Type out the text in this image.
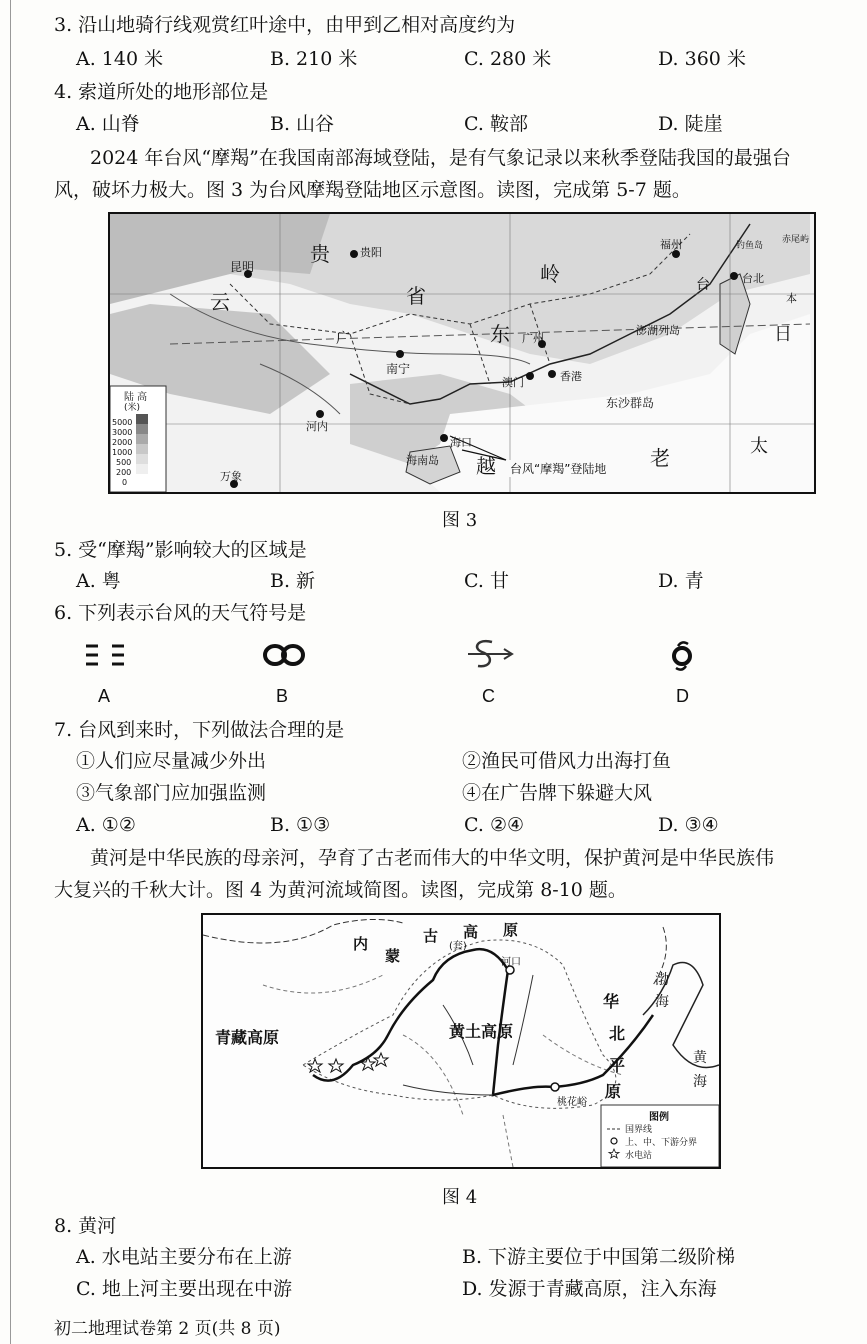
3. 沿山地骑行线观赏红叶途中，由甲到乙相对高度约为
A. 140 米	B. 210 米	C. 280 米	D. 360 米
4. 索道所处的地形部位是
A. 山脊	B. 山谷	C. 鞍部	D. 陡崖
2024 年台风“摩羯”在我国南部海域登陆，是有气象记录以来秋季登陆我国的最强台
风，破坏力极大。图 3 为台风摩羯登陆地区示意图。读图，完成第 5-7 题。
陆 高
(米)
5000
3000
2000
1000
500
200
0
昆明
贵阳
南宁
广州
香港
澳门
海口
海南岛
河内
万象
福州
台北
东沙群岛
澎湖列岛
钓鱼岛
赤尾屿
云
贵
省
广	东
岭	台
越	老	太
日
本
台风“摩羯”登陆地
图 3
5. 受“摩羯”影响较大的区域是
A. 粤	B. 新	C. 甘	D. 青
6. 下列表示台风的天气符号是
A	B	C	D
7. 台风到来时，下列做法合理的是
①人们应尽量减少外出	②渔民可借风力出海打鱼
③气象部门应加强监测	④在广告牌下躲避大风
A. ①②	B. ①③	C. ②④	D. ③④
黄河是中华民族的母亲河，孕育了古老而伟大的中华文明，保护黄河是中华民族伟
大复兴的千秋大计。图 4 为黄河流域简图。读图，完成第 8-10 题。
内
蒙
古 高 原
(套)
河口
青藏高原	黄土高原
华
北
平
原
渤
海
黄
海
桃花峪
图例
国界线
上、中、下游分界
水电站
图 4
8. 黄河
A. 水电站主要分布在上游	B. 下游主要位于中国第二级阶梯
C. 地上河主要出现在中游	D. 发源于青藏高原，注入东海
初二地理试卷第 2 页(共 8 页)
